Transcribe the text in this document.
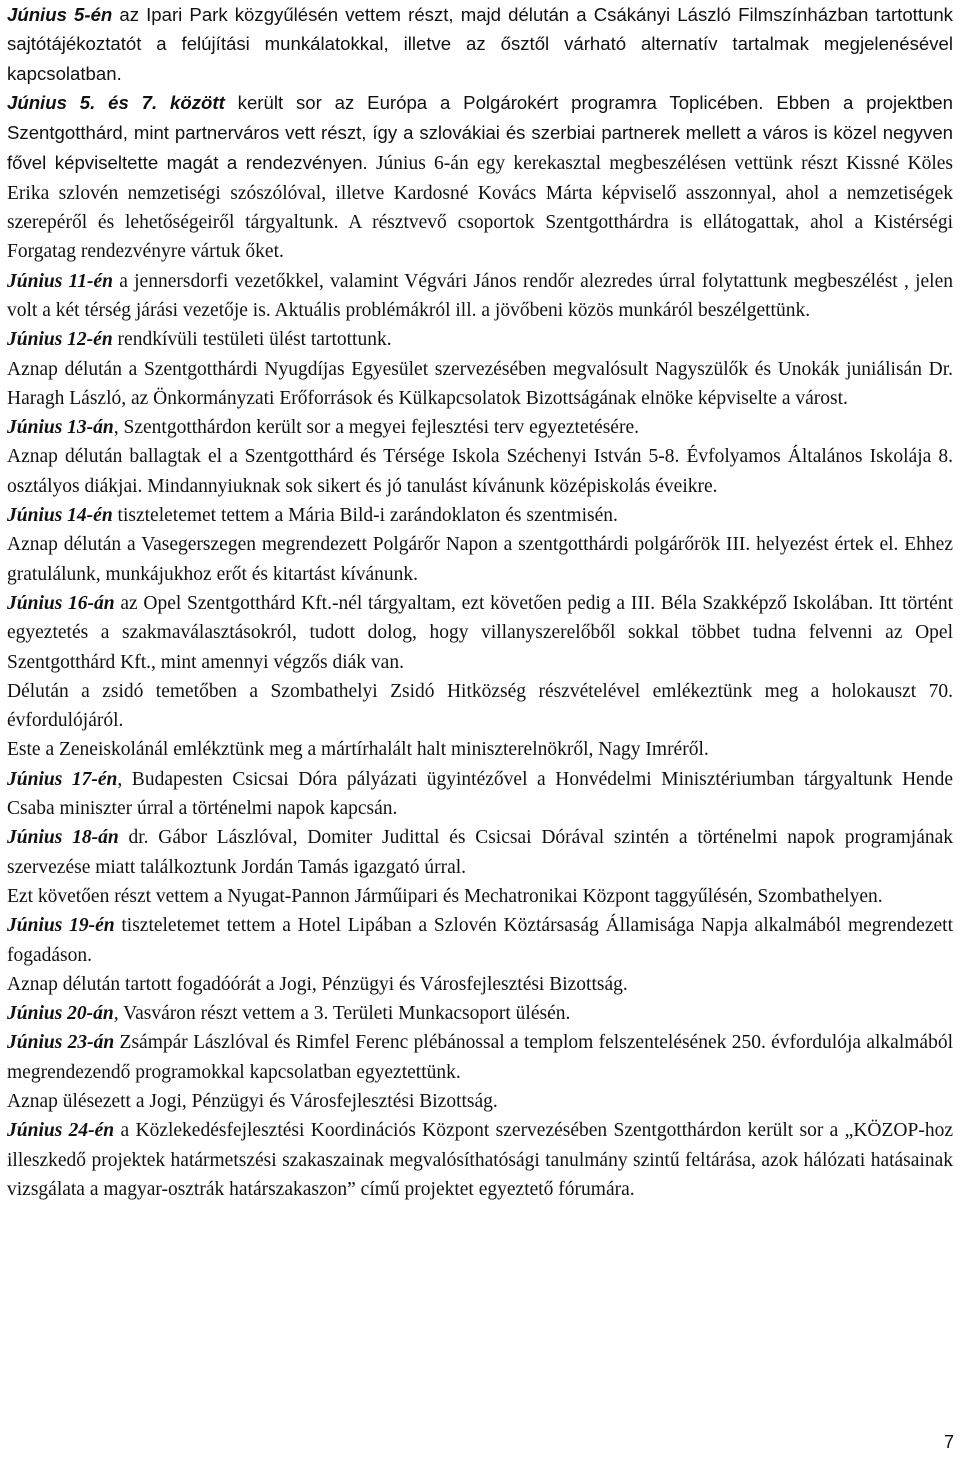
Június 5-én az Ipari Park közgyűlésén vettem részt, majd délután a Csákányi László Filmszínházban tartottunk sajtótájékoztatót a felújítási munkálatokkal, illetve az ősztől várható alternatív tartalmak megjelenésével kapcsolatban.

Június 5. és 7. között került sor az Európa a Polgárokért programra Toplicében. Ebben a projektben Szentgotthárd, mint partnerváros vett részt, így a szlovákiai és szerbiai partnerek mellett a város is közel negyven fővel képviseltette magát a rendezvényen. Június 6-án egy kerekasztal megbeszélésen vettünk részt Kissné Köles Erika szlovén nemzetiségi szószólóval, illetve Kardosné Kovács Márta képviselő asszonnyal, ahol a nemzetiségek szerepéről és lehetőségeiről tárgyaltunk. A résztvevő csoportok Szentgotthárdra is ellátogattak, ahol a Kistérségi Forgatag rendezvényre vártuk őket.

Június 11-én a jennersdorfi vezetőkkel, valamint Végvári János rendőr alezredes úrral folytattunk megbeszélést , jelen volt a két térség járási vezetője is. Aktuális problémákról ill. a jövőbeni közös munkáról beszélgettünk.

Június 12-én rendkívüli testületi ülést tartottunk.

Aznap délután a Szentgotthárdi Nyugdíjas Egyesület szervezésében megvalósult Nagyszülők és Unokák juniálisán Dr. Haragh László, az Önkormányzati Erőforrások és Külkapcsolatok Bizottságának elnöke képviselte a várost.

Június 13-án, Szentgotthárdon került sor a megyei fejlesztési terv egyeztetésére.

Aznap délután ballagtak el a Szentgotthárd és Térsége Iskola Széchenyi István 5-8. Évfolyamos Általános Iskolája 8. osztályos diákjai. Mindannyiuknak sok sikert és jó tanulást kívánunk középiskolás éveikre.

Június 14-én tiszteletemet tettem a Mária Bild-i zarándoklaton és szentmisén.

Aznap délután a Vasegerszegen megrendezett Polgárőr Napon a szentgotthárdi polgárőrök III. helyezést értek el. Ehhez gratulálunk, munkájukhoz erőt és kitartást kívánunk.

Június 16-án az Opel Szentgotthárd Kft.-nél tárgyaltam, ezt követően pedig a III. Béla Szakképző Iskolában. Itt történt egyeztetés a szakmaválasztásokról, tudott dolog, hogy villanyszerelőből sokkal többet tudna felvenni az Opel Szentgotthárd Kft., mint amennyi végzős diák van.

Délután a zsidó temetőben a Szombathelyi Zsidó Hitközség részvételével emlékeztünk meg a holokauszt 70. évfordulójáról.

Este a Zeneiskolánál emlékztünk meg a mártírhalált halt miniszterelnökről, Nagy Imréről.

Június 17-én, Budapesten Csicsai Dóra pályázati ügyintézővel a Honvédelmi Minisztériumban tárgyaltunk Hende Csaba miniszter úrral a történelmi napok kapcsán.

Június 18-án dr. Gábor Lászlóval, Domiter Judittal és Csicsai Dórával szintén a történelmi napok programjának szervezése miatt találkoztunk Jordán Tamás igazgató úrral.

Ezt követően részt vettem a Nyugat-Pannon Járműipari és Mechatronikai Központ taggyűlésén, Szombathelyen.

Június 19-én tiszteletemet tettem a Hotel Lipában a Szlovén Köztársaság Államisága Napja alkalmából megrendezett fogadáson.

Aznap délután tartott fogadóórát a Jogi, Pénzügyi és Városfejlesztési Bizottság.

Június 20-án, Vasváron részt vettem a 3. Területi Munkacsoport ülésén.

Június 23-án Zsámpár Lászlóval és Rimfel Ferenc plébánossal a templom felszentelésének 250. évfordulója alkalmából megrendezendő programokkal kapcsolatban egyeztettünk.

Aznap ülésezett a Jogi, Pénzügyi és Városfejlesztési Bizottság.

Június 24-én a Közlekedésfejlesztési Koordinációs Központ szervezésében Szentgotthárdon került sor a „KÖZOP-hoz illeszkedő projektek határmetszési szakaszainak megvalósíthatósági tanulmány szintű feltárása, azok hálózati hatásainak vizsgálata a magyar-osztrák határszakaszon” című projektet egyeztető fórumára.

7
